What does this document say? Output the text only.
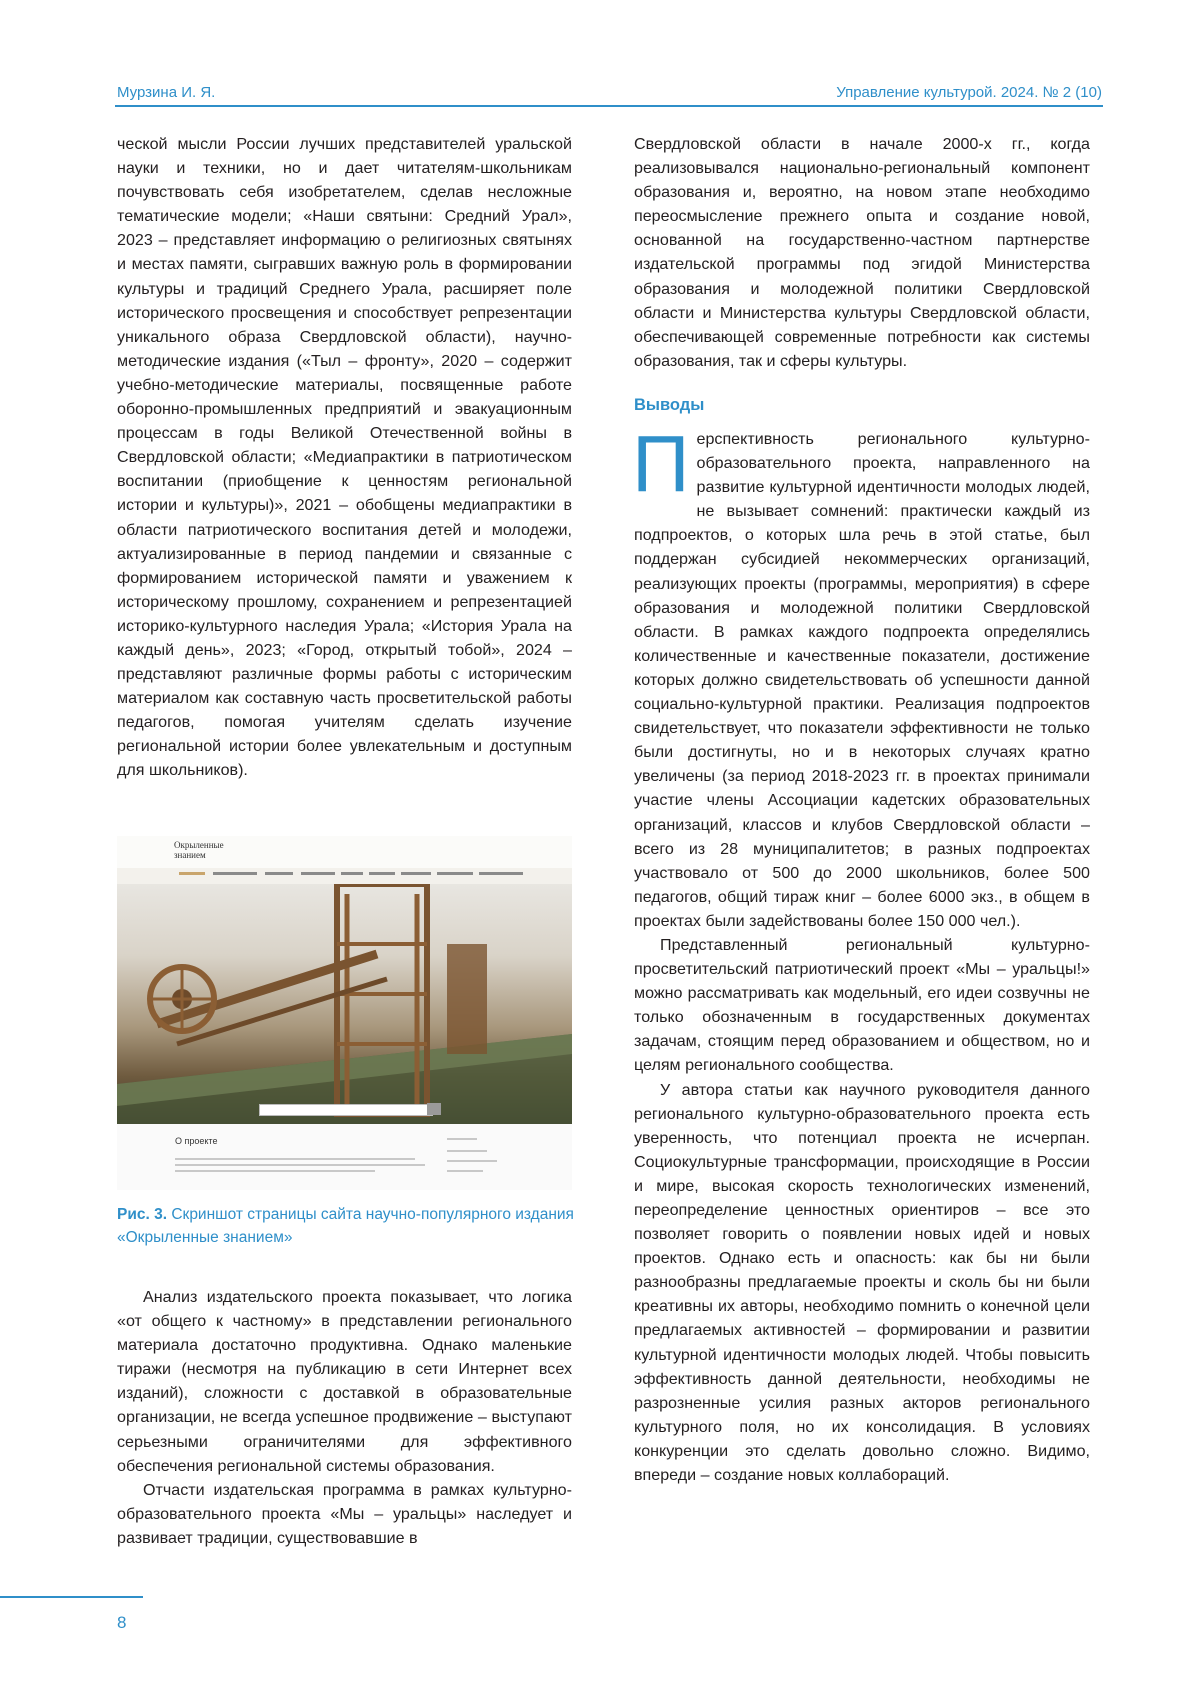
Мурзина И. Я.	Управление культурой. 2024. № 2 (10)

ческой мысли России лучших представителей уральской науки и техники, но и дает читателям-школьникам почувствовать себя изобретателем, сделав несложные тематические модели; «Наши святыни: Средний Урал», 2023 – представляет информацию о религиозных святынях и местах памяти, сыгравших важную роль в формировании культуры и традиций Среднего Урала, расширяет поле исторического просвещения и способствует репрезентации уникального образа Свердловской области), научно-методические издания («Тыл – фронту», 2020 – содержит учебно-методические материалы, посвященные работе оборонно-промышленных предприятий и эвакуационным процессам в годы Великой Отечественной войны в Свердловской области; «Медиапрактики в патриотическом воспитании (приобщение к ценностям региональной истории и культуры)», 2021 – обобщены медиапрактики в области патриотического воспитания детей и молодежи, актуализированные в период пандемии и связанные с формированием исторической памяти и уважением к историческому прошлому, сохранением и репрезентацией историко-культурного наследия Урала; «История Урала на каждый день», 2023; «Город, открытый тобой», 2024 – представляют различные формы работы с историческим материалом как составную часть просветительской работы педагогов, помогая учителям сделать изучение региональной истории более увлекательным и доступным для школьников).

Окрыленные
знанием
О проекте
Рис. 3. Скриншот страницы сайта научно-популярного издания «Окрыленные знанием»

Анализ издательского проекта показывает, что логика «от общего к частному» в представлении регионального материала достаточно продуктивна. Однако маленькие тиражи (несмотря на публикацию в сети Интернет всех изданий), сложности с доставкой в образовательные организации, не всегда успешное продвижение – выступают серьезными ограничителями для эффективного обеспечения региональной системы образования.

Отчасти издательская программа в рамках культурно-образовательного проекта «Мы – уральцы» наследует и развивает традиции, существовавшие в

Свердловской области в начале 2000-х гг., когда реализовывался национально-региональный компонент образования и, вероятно, на новом этапе необходимо переосмысление прежнего опыта и создание новой, основанной на государственно-частном партнерстве издательской программы под эгидой Министерства образования и молодежной политики Свердловской области и Министерства культуры Свердловской области, обеспечивающей современные потребности как системы образования, так и сферы культуры.

Выводы

Перспективность регионального культурно-образовательного проекта, направленного на развитие культурной идентичности молодых людей, не вызывает сомнений: практически каждый из подпроектов, о которых шла речь в этой статье, был поддержан субсидией некоммерческих организаций, реализующих проекты (программы, мероприятия) в сфере образования и молодежной политики Свердловской области. В рамках каждого подпроекта определялись количественные и качественные показатели, достижение которых должно свидетельствовать об успешности данной социально-культурной практики. Реализация подпроектов свидетельствует, что показатели эффективности не только были достигнуты, но и в некоторых случаях кратно увеличены (за период 2018-2023 гг. в проектах принимали участие члены Ассоциации кадетских образовательных организаций, классов и клубов Свердловской области – всего из 28 муниципалитетов; в разных подпроектах участвовало от 500 до 2000 школьников, более 500 педагогов, общий тираж книг – более 6000 экз., в общем в проектах были задействованы более 150 000 чел.).

Представленный региональный культурно-просветительский патриотический проект «Мы – уральцы!» можно рассматривать как модельный, его идеи созвучны не только обозначенным в государственных документах задачам, стоящим перед образованием и обществом, но и целям регионального сообщества.

У автора статьи как научного руководителя данного регионального культурно-образовательного проекта есть уверенность, что потенциал проекта не исчерпан. Социокультурные трансформации, происходящие в России и мире, высокая скорость технологических изменений, переопределение ценностных ориентиров – все это позволяет говорить о появлении новых идей и новых проектов. Однако есть и опасность: как бы ни были разнообразны предлагаемые проекты и сколь бы ни были креативны их авторы, необходимо помнить о конечной цели предлагаемых активностей – формировании и развитии культурной идентичности молодых людей. Чтобы повысить эффективность данной деятельности, необходимы не разрозненные усилия разных акторов регионального культурного поля, но их консолидация. В условиях конкуренции это сделать довольно сложно. Видимо, впереди – создание новых коллабораций.

8
